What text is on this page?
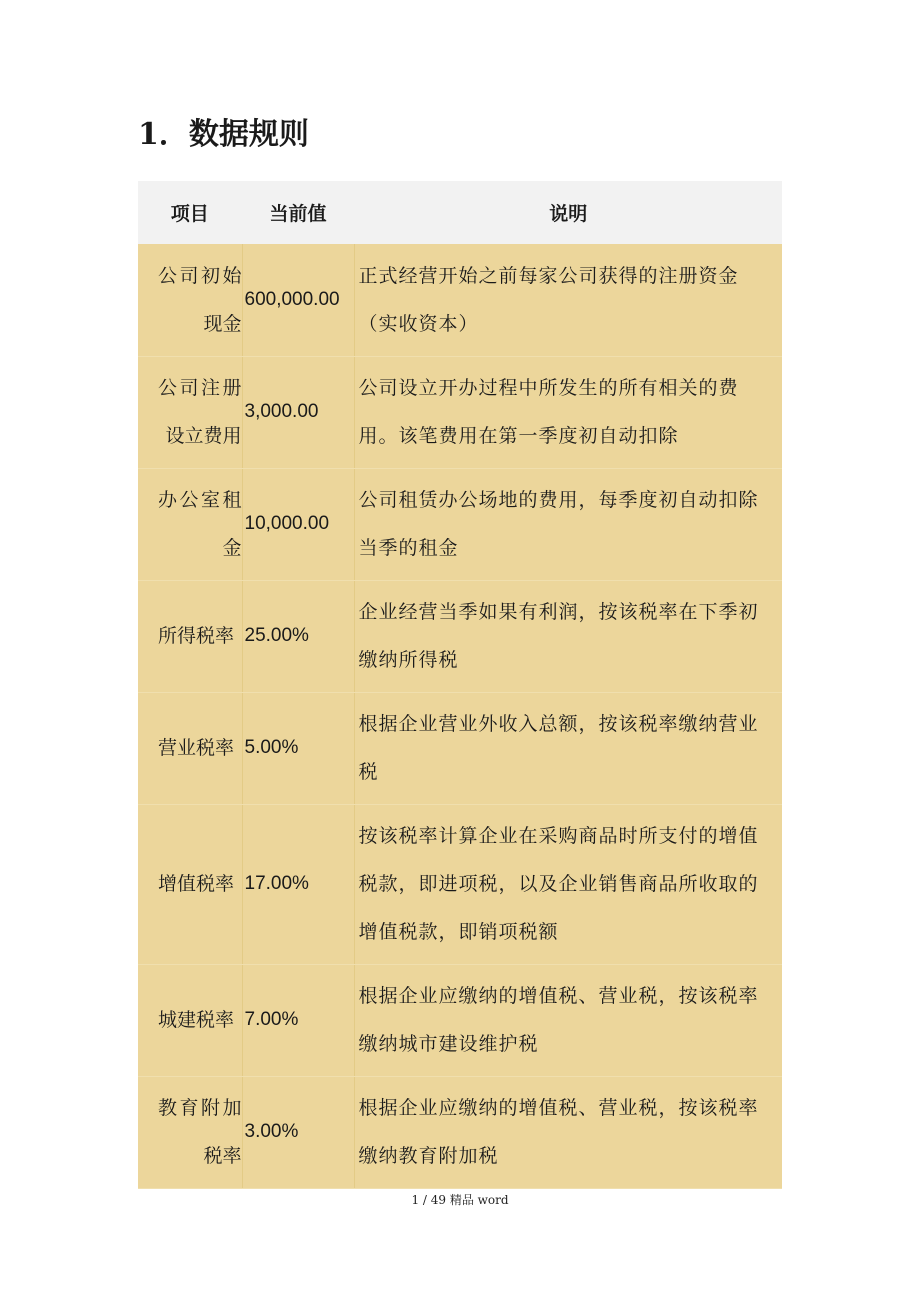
1．数据规则
项目	当前值	说明
公司初始现金	600,000.00	正式经营开始之前每家公司获得的注册资金（实收资本）
公司注册设立费用	3,000.00	公司设立开办过程中所发生的所有相关的费用。该笔费用在第一季度初自动扣除
办公室租金	10,000.00	公司租赁办公场地的费用，每季度初自动扣除当季的租金
所得税率	25.00%	企业经营当季如果有利润，按该税率在下季初缴纳所得税
营业税率	5.00%	根据企业营业外收入总额，按该税率缴纳营业税
增值税率	17.00%	按该税率计算企业在采购商品时所支付的增值税款，即进项税，以及企业销售商品所收取的增值税款，即销项税额
城建税率	7.00%	根据企业应缴纳的增值税、营业税，按该税率缴纳城市建设维护税
教育附加税率	3.00%	根据企业应缴纳的增值税、营业税，按该税率缴纳教育附加税
1 / 49 精品 word
